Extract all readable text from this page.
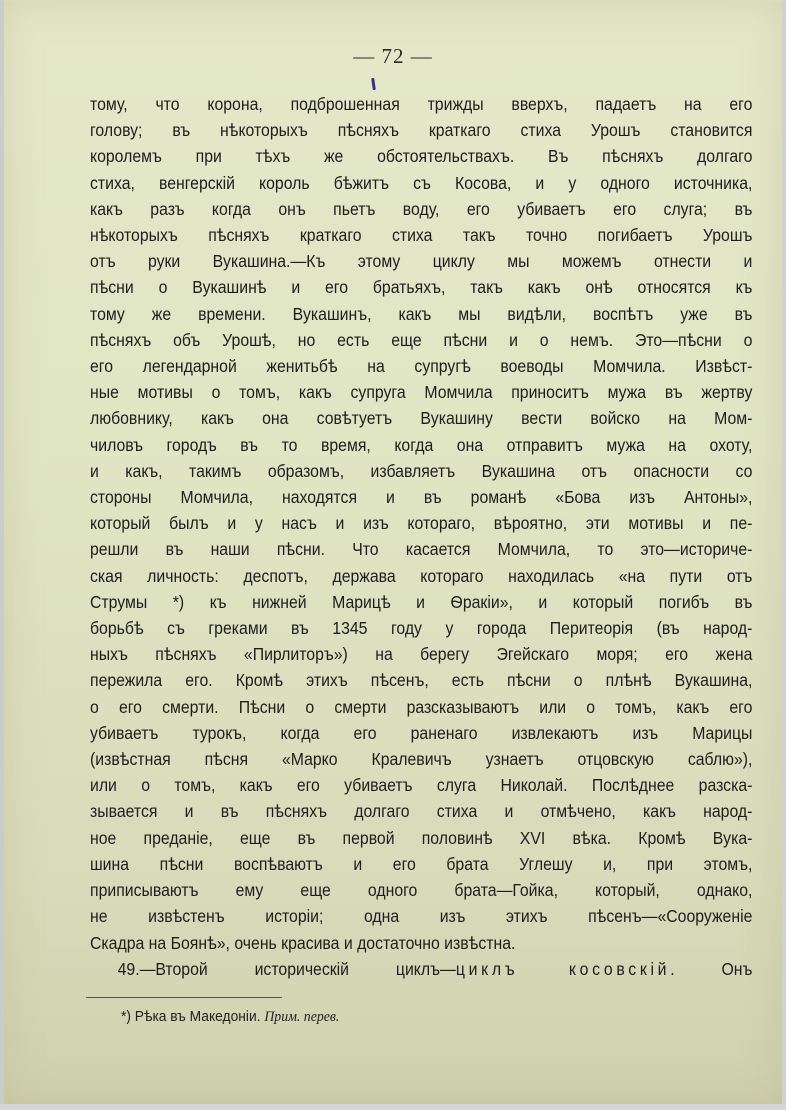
— 72 —
тому, что корона, подброшенная трижды вверхъ, падаетъ на его
голову; въ нѣкоторыхъ пѣсняхъ краткаго стиха Урошъ становится
королемъ при тѣхъ же обстоятельствахъ. Въ пѣсняхъ долгаго
стиха, венгерскій король бѣжитъ съ Косова, и у одного источника,
какъ разъ когда онъ пьетъ воду, его убиваетъ его слуга; въ
нѣкоторыхъ пѣсняхъ краткаго стиха такъ точно погибаетъ Урошъ
отъ руки Вукашина.—Къ этому циклу мы можемъ отнести и
пѣсни о Вукашинѣ и его братьяхъ, такъ какъ онѣ относятся къ
тому же времени. Вукашинъ, какъ мы видѣли, воспѣтъ уже въ
пѣсняхъ объ Урошѣ, но есть еще пѣсни и о немъ. Это—пѣсни о
его легендарной женитьбѣ на супругѣ воеводы Момчила. Извѣст-
ные мотивы о томъ, какъ супруга Момчила приноситъ мужа въ жертву
любовнику, какъ она совѣтуетъ Вукашину вести войско на Мом-
чиловъ городъ въ то время, когда она отправитъ мужа на охоту,
и какъ, такимъ образомъ, избавляетъ Вукашина отъ опасности со
стороны Момчила, находятся и въ романѣ «Бова изъ Антоны»,
который былъ и у насъ и изъ котораго, вѣроятно, эти мотивы и пе-
решли въ наши пѣсни. Что касается Момчила, то это—историче-
ская личность: деспотъ, держава котораго находилась «на пути отъ
Струмы *) къ нижней Марицѣ и Ѳракіи», и который погибъ въ
борьбѣ съ греками въ 1345 году у города Перитеорія (въ народ-
ныхъ пѣсняхъ «Пирлиторъ») на берегу Эгейскаго моря; его жена
пережила его. Кромѣ этихъ пѣсенъ, есть пѣсни о плѣнѣ Вукашина,
о его смерти. Пѣсни о смерти разсказываютъ или о томъ, какъ его
убиваетъ турокъ, когда его раненаго извлекаютъ изъ Марицы
(извѣстная пѣсня «Марко Кралевичъ узнаетъ отцовскую саблю»),
или о томъ, какъ его убиваетъ слуга Николай. Послѣднее разска-
зывается и въ пѣсняхъ долгаго стиха и отмѣчено, какъ народ-
ное преданіе, еще въ первой половинѣ XVI вѣка. Кромѣ Вука-
шина пѣсни воспѣваютъ и его брата Углешу и, при этомъ,
приписываютъ ему еще одного брата—Гойка, который, однако,
не извѣстенъ исторіи; одна изъ этихъ пѣсенъ—«Сооруженіе
Скадра на Боянѣ», очень красива и достаточно извѣстна.
49.—Второй историческій циклъ—циклъ косовскій. Онъ
*) Рѣка въ Македоніи. Прим. перев.
